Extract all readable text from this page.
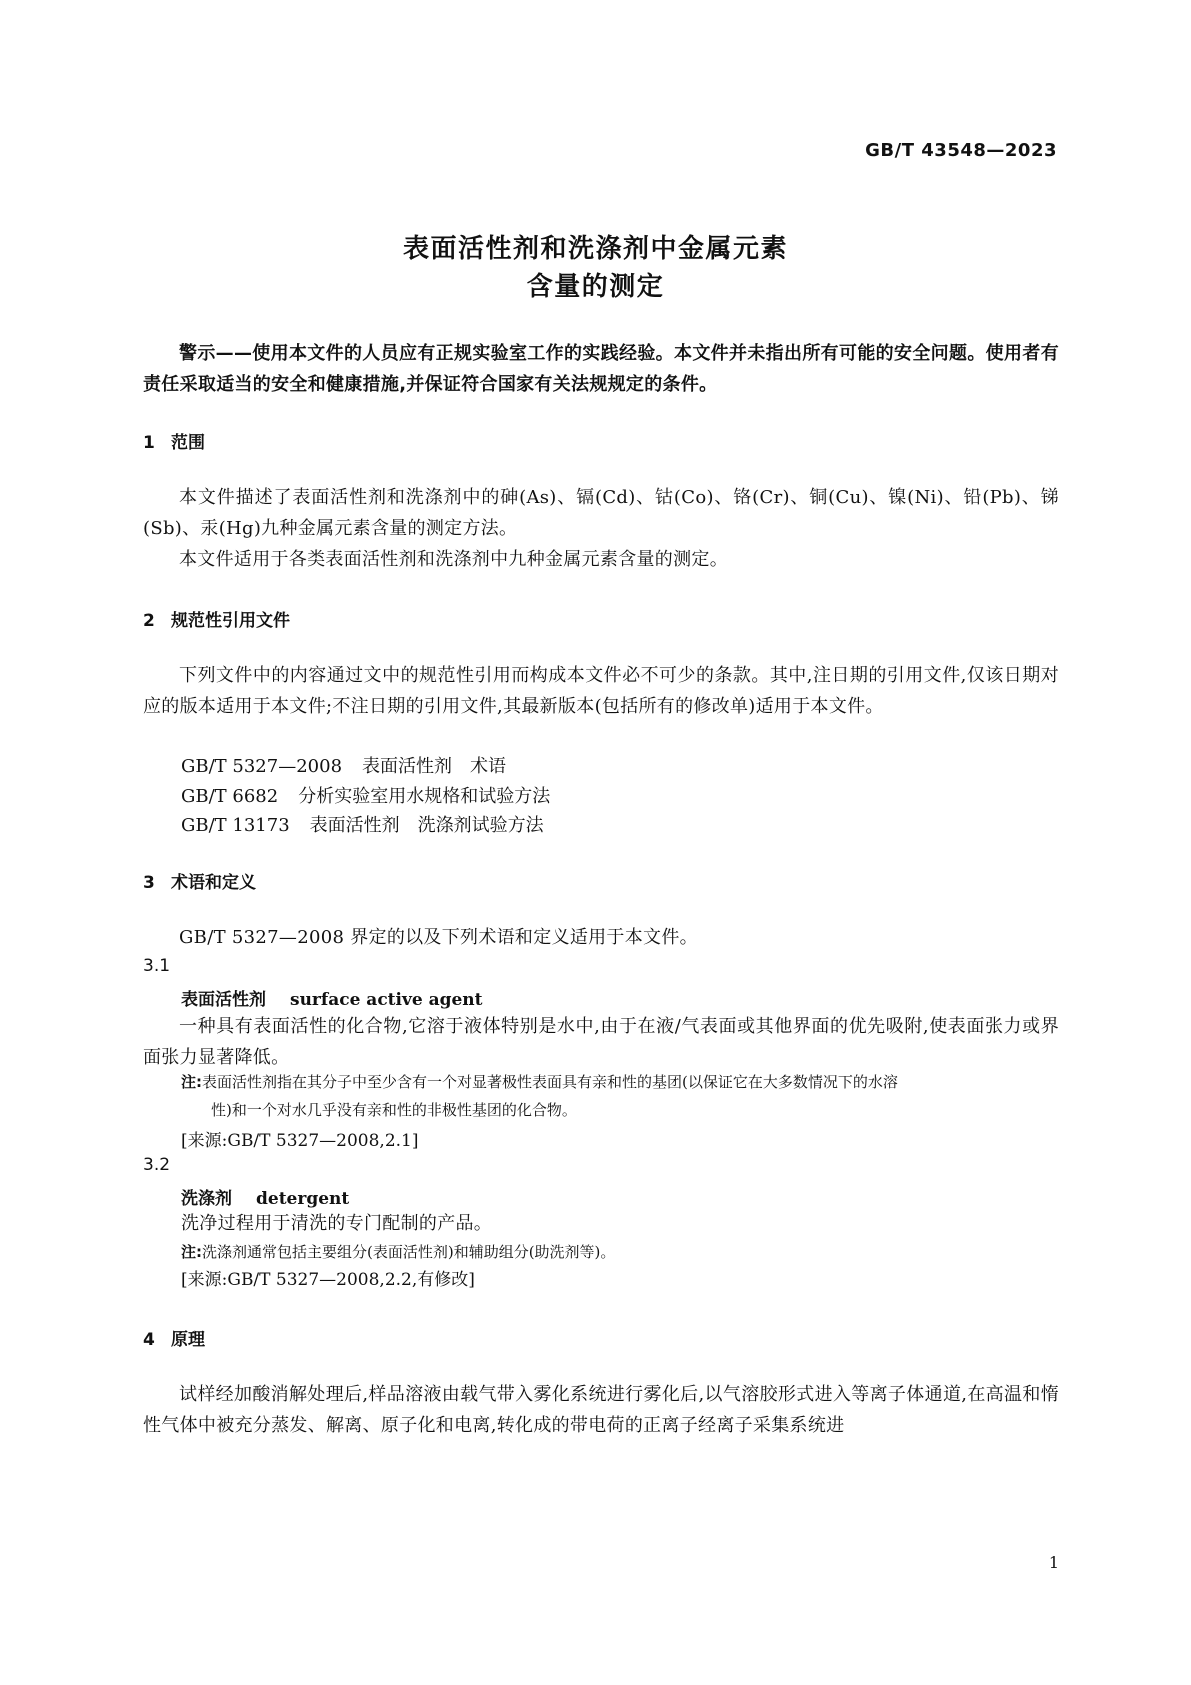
GB/T 43548—2023
表面活性剂和洗涤剂中金属元素
含量的测定
警示——使用本文件的人员应有正规实验室工作的实践经验。本文件并未指出所有可能的安全问题。使用者有责任采取适当的安全和健康措施,并保证符合国家有关法规规定的条件。
1 范围
本文件描述了表面活性剂和洗涤剂中的砷(As)、镉(Cd)、钴(Co)、铬(Cr)、铜(Cu)、镍(Ni)、铅(Pb)、锑(Sb)、汞(Hg)九种金属元素含量的测定方法。
本文件适用于各类表面活性剂和洗涤剂中九种金属元素含量的测定。
2 规范性引用文件
下列文件中的内容通过文中的规范性引用而构成本文件必不可少的条款。其中,注日期的引用文件,仅该日期对应的版本适用于本文件;不注日期的引用文件,其最新版本(包括所有的修改单)适用于本文件。
GB/T 5327—2008 表面活性剂 术语
GB/T 6682 分析实验室用水规格和试验方法
GB/T 13173 表面活性剂 洗涤剂试验方法
3 术语和定义
GB/T 5327—2008 界定的以及下列术语和定义适用于本文件。
3.1
表面活性剂 surface active agent
一种具有表面活性的化合物,它溶于液体特别是水中,由于在液/气表面或其他界面的优先吸附,使表面张力或界面张力显著降低。
注:表面活性剂指在其分子中至少含有一个对显著极性表面具有亲和性的基团(以保证它在大多数情况下的水溶
性)和一个对水几乎没有亲和性的非极性基团的化合物。
[来源:GB/T 5327—2008,2.1]
3.2
洗涤剂 detergent
洗净过程用于清洗的专门配制的产品。
注:洗涤剂通常包括主要组分(表面活性剂)和辅助组分(助洗剂等)。
[来源:GB/T 5327—2008,2.2,有修改]
4 原理
试样经加酸消解处理后,样品溶液由载气带入雾化系统进行雾化后,以气溶胶形式进入等离子体通道,在高温和惰性气体中被充分蒸发、解离、原子化和电离,转化成的带电荷的正离子经离子采集系统进
1
